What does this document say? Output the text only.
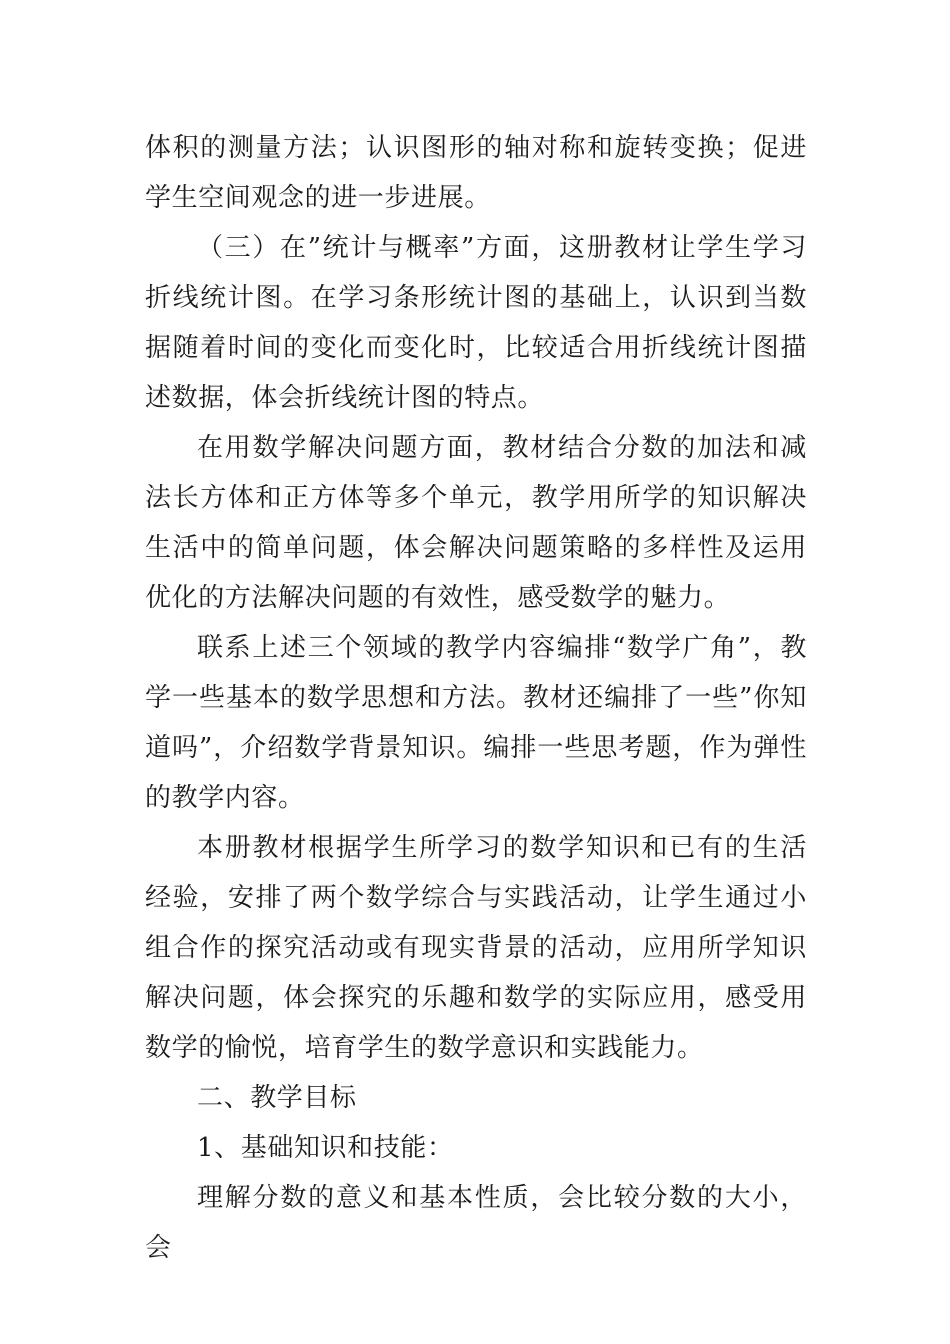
体积的测量方法；认识图形的轴对称和旋转变换；促进学生空间观念的进一步进展。

（三）在”统计与概率”方面，这册教材让学生学习折线统计图。在学习条形统计图的基础上，认识到当数据随着时间的变化而变化时，比较适合用折线统计图描述数据，体会折线统计图的特点。

在用数学解决问题方面，教材结合分数的加法和减法长方体和正方体等多个单元，教学用所学的知识解决生活中的简单问题，体会解决问题策略的多样性及运用优化的方法解决问题的有效性，感受数学的魅力。

联系上述三个领域的教学内容编排“数学广角”，教学一些基本的数学思想和方法。教材还编排了一些”你知道吗”，介绍数学背景知识。编排一些思考题，作为弹性的教学内容。

本册教材根据学生所学习的数学知识和已有的生活经验，安排了两个数学综合与实践活动，让学生通过小组合作的探究活动或有现实背景的活动，应用所学知识解决问题，体会探究的乐趣和数学的实际应用，感受用数学的愉悦，培育学生的数学意识和实践能力。

二、教学目标

1、基础知识和技能：

理解分数的意义和基本性质，会比较分数的大小，会
